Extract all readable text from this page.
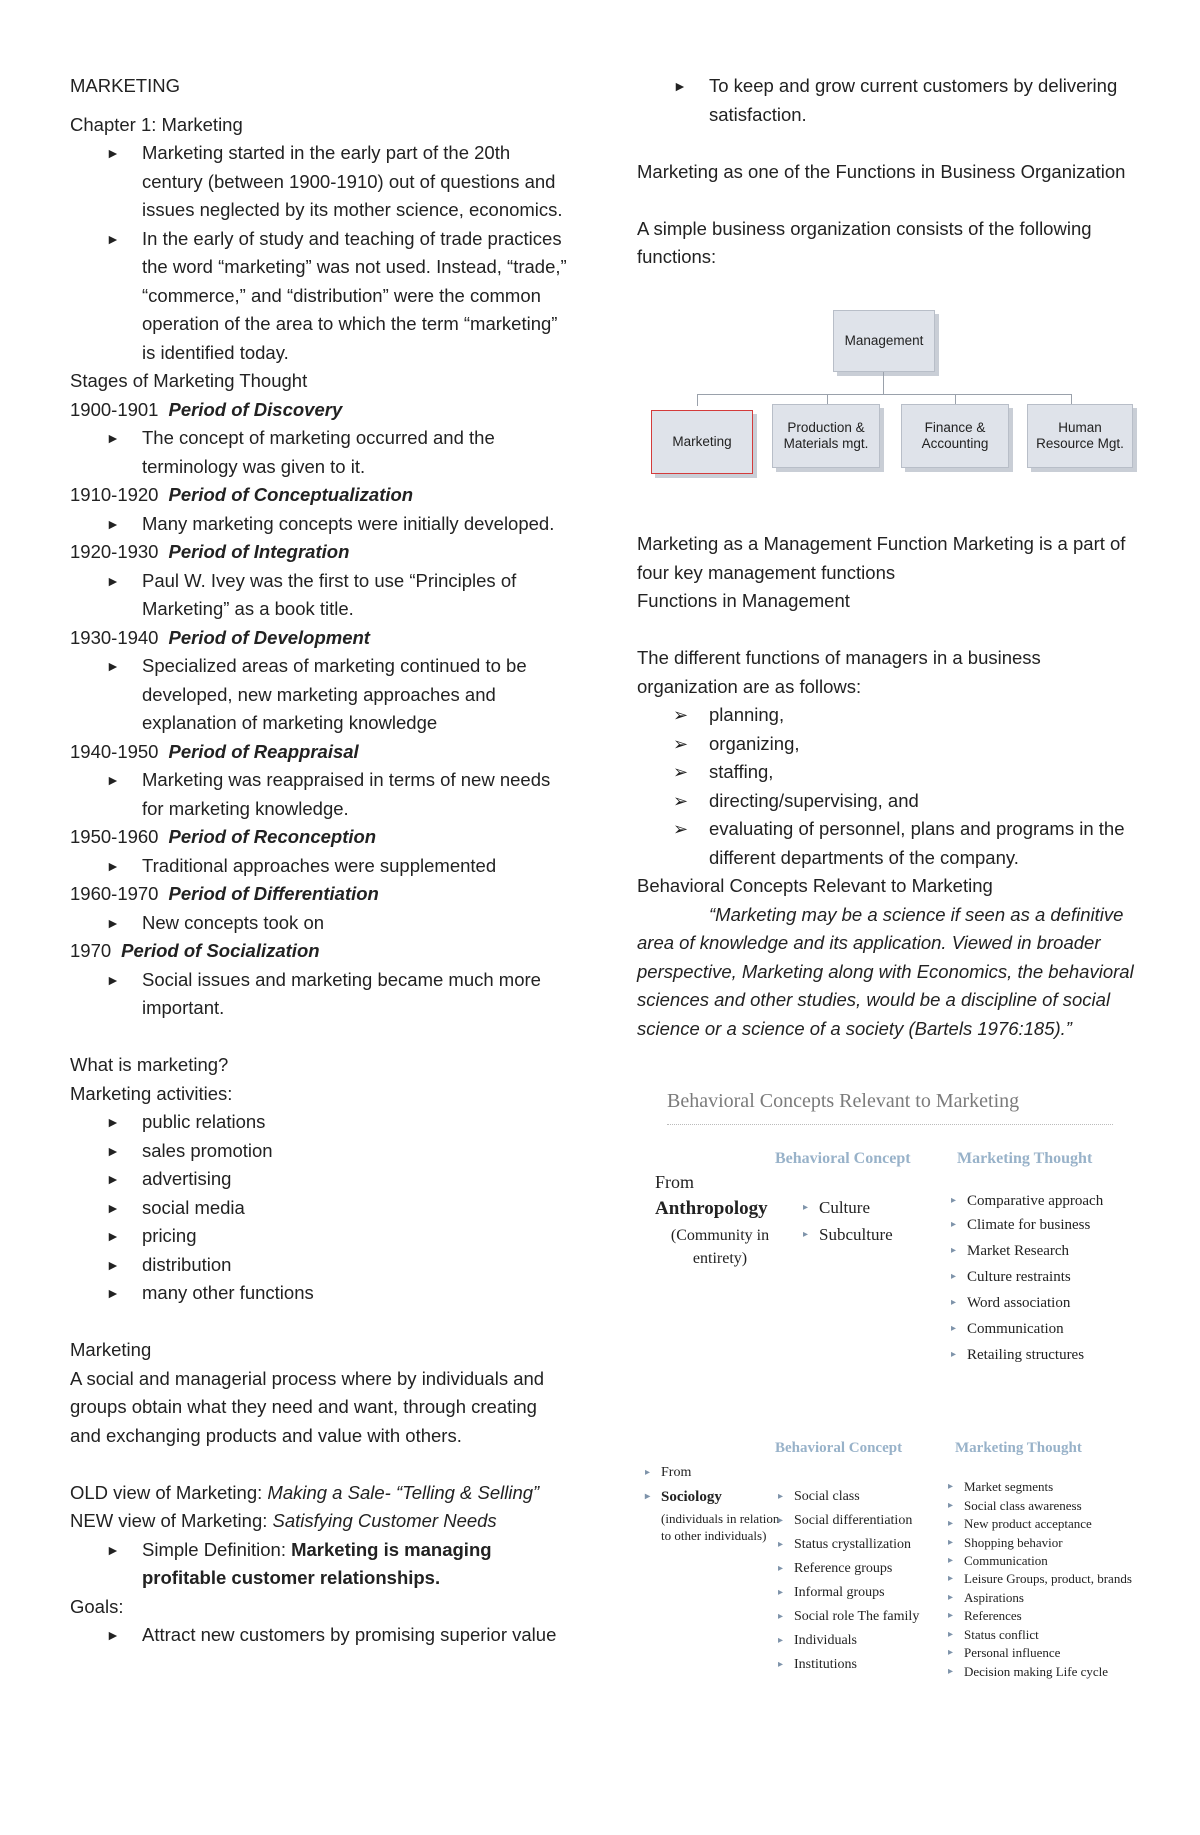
MARKETING

Chapter 1: Marketing

► Marketing started in the early part of the 20th century (between 1900-1910) out of questions and issues neglected by its mother science, economics.
► In the early of study and teaching of trade practices the word “marketing” was not used. Instead, “trade,” “commerce,” and “distribution” were the common operation of the area to which the term “marketing” is identified today.

Stages of Marketing Thought

1900-1901 Period of Discovery

► The concept of marketing occurred and the terminology was given to it.

1910-1920 Period of Conceptualization

► Many marketing concepts were initially developed.

1920-1930 Period of Integration

► Paul W. Ivey was the first to use “Principles of Marketing” as a book title.

1930-1940 Period of Development

► Specialized areas of marketing continued to be developed, new marketing approaches and explanation of marketing knowledge

1940-1950 Period of Reappraisal

► Marketing was reappraised in terms of new needs for marketing knowledge.

1950-1960 Period of Reconception

► Traditional approaches were supplemented

1960-1970 Period of Differentiation

► New concepts took on

1970 Period of Socialization

► Social issues and marketing became much more important.

What is marketing?

Marketing activities:

► public relations
► sales promotion
► advertising
► social media
► pricing
► distribution
► many other functions

Marketing

A social and managerial process where by individuals and groups obtain what they need and want, through creating and exchanging products and value with others.

OLD view of Marketing: Making a Sale- “Telling & Selling”

NEW view of Marketing: Satisfying Customer Needs

► Simple Definition: Marketing is managing profitable customer relationships.

Goals:

► Attract new customers by promising superior value
► To keep and grow current customers by delivering satisfaction.

Marketing as one of the Functions in Business Organization

A simple business organization consists of the following functions:

Management
Marketing
Production & Materials mgt.
Finance & Accounting
Human Resource Mgt.

Marketing as a Management Function Marketing is a part of four key management functions

Functions in Management

The different functions of managers in a business organization are as follows:

➢ planning,
➢ organizing,
➢ staffing,
➢ directing/supervising, and
➢ evaluating of personnel, plans and programs in the different departments of the company.

Behavioral Concepts Relevant to Marketing

“Marketing may be a science if seen as a definitive area of knowledge and its application. Viewed in broader perspective, Marketing along with Economics, the behavioral sciences and other studies, would be a discipline of social science or a science of a society (Bartels 1976:185).”

Behavioral Concepts Relevant to Marketing
Behavioral Concept	Marketing Thought
From
Anthropology
(Community in entirety)
▸ Culture
▸ Subculture
▸ Comparative approach
▸ Climate for business
▸ Market Research
▸ Culture restraints
▸ Word association
▸ Communication
▸ Retailing structures
Behavioral Concept	Marketing Thought
▸ From
▸ Sociology
(individuals in relation to other individuals)
▸ Social class
▸ Social differentiation
▸ Status crystallization
▸ Reference groups
▸ Informal groups
▸ Social role The family
▸ Individuals
▸ Institutions
▸ Market segments
▸ Social class awareness
▸ New product acceptance
▸ Shopping behavior
▸ Communication
▸ Leisure Groups, product, brands
▸ Aspirations
▸ References
▸ Status conflict
▸ Personal influence
▸ Decision making Life cycle
